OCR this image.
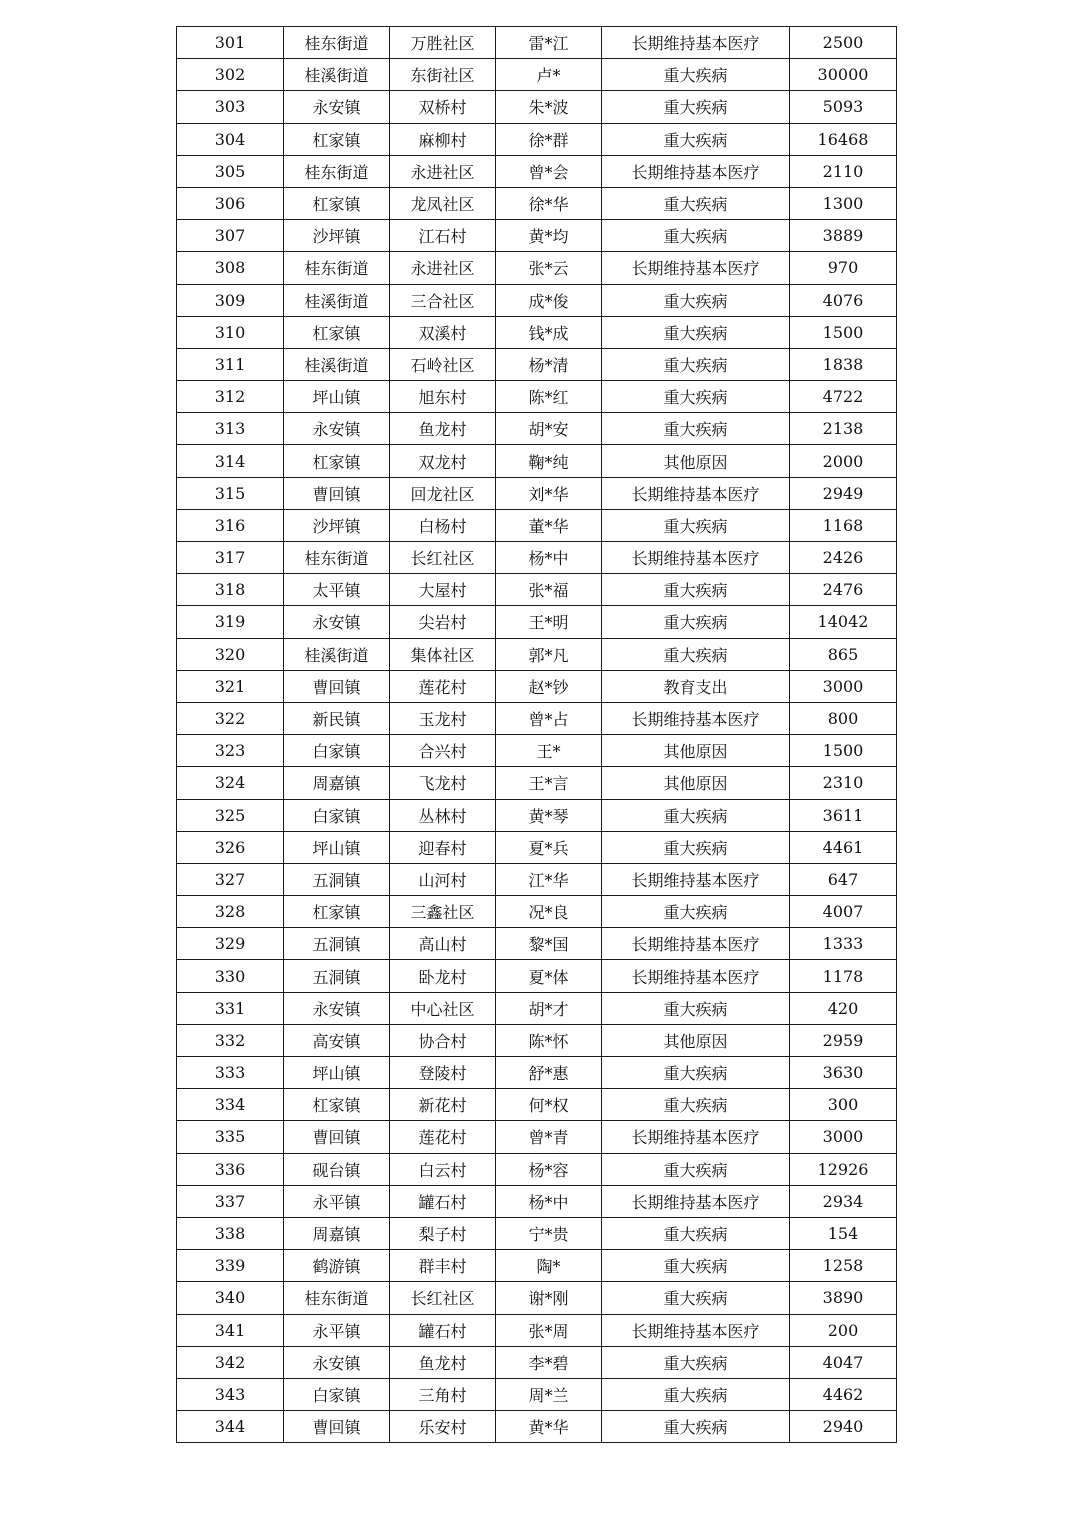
301	桂东街道	万胜社区	雷*江	长期维持基本医疗	2500
302	桂溪街道	东街社区	卢*	重大疾病	30000
303	永安镇	双桥村	朱*波	重大疾病	5093
304	杠家镇	麻柳村	徐*群	重大疾病	16468
305	桂东街道	永进社区	曾*会	长期维持基本医疗	2110
306	杠家镇	龙凤社区	徐*华	重大疾病	1300
307	沙坪镇	江石村	黄*均	重大疾病	3889
308	桂东街道	永进社区	张*云	长期维持基本医疗	970
309	桂溪街道	三合社区	成*俊	重大疾病	4076
310	杠家镇	双溪村	钱*成	重大疾病	1500
311	桂溪街道	石岭社区	杨*清	重大疾病	1838
312	坪山镇	旭东村	陈*红	重大疾病	4722
313	永安镇	鱼龙村	胡*安	重大疾病	2138
314	杠家镇	双龙村	鞠*纯	其他原因	2000
315	曹回镇	回龙社区	刘*华	长期维持基本医疗	2949
316	沙坪镇	白杨村	董*华	重大疾病	1168
317	桂东街道	长红社区	杨*中	长期维持基本医疗	2426
318	太平镇	大屋村	张*福	重大疾病	2476
319	永安镇	尖岩村	王*明	重大疾病	14042
320	桂溪街道	集体社区	郭*凡	重大疾病	865
321	曹回镇	莲花村	赵*钞	教育支出	3000
322	新民镇	玉龙村	曾*占	长期维持基本医疗	800
323	白家镇	合兴村	王*	其他原因	1500
324	周嘉镇	飞龙村	王*言	其他原因	2310
325	白家镇	丛林村	黄*琴	重大疾病	3611
326	坪山镇	迎春村	夏*兵	重大疾病	4461
327	五洞镇	山河村	江*华	长期维持基本医疗	647
328	杠家镇	三鑫社区	况*良	重大疾病	4007
329	五洞镇	高山村	黎*国	长期维持基本医疗	1333
330	五洞镇	卧龙村	夏*体	长期维持基本医疗	1178
331	永安镇	中心社区	胡*才	重大疾病	420
332	高安镇	协合村	陈*怀	其他原因	2959
333	坪山镇	登陵村	舒*惠	重大疾病	3630
334	杠家镇	新花村	何*权	重大疾病	300
335	曹回镇	莲花村	曾*青	长期维持基本医疗	3000
336	砚台镇	白云村	杨*容	重大疾病	12926
337	永平镇	罐石村	杨*中	长期维持基本医疗	2934
338	周嘉镇	梨子村	宁*贵	重大疾病	154
339	鹤游镇	群丰村	陶*	重大疾病	1258
340	桂东街道	长红社区	谢*刚	重大疾病	3890
341	永平镇	罐石村	张*周	长期维持基本医疗	200
342	永安镇	鱼龙村	李*碧	重大疾病	4047
343	白家镇	三角村	周*兰	重大疾病	4462
344	曹回镇	乐安村	黄*华	重大疾病	2940
